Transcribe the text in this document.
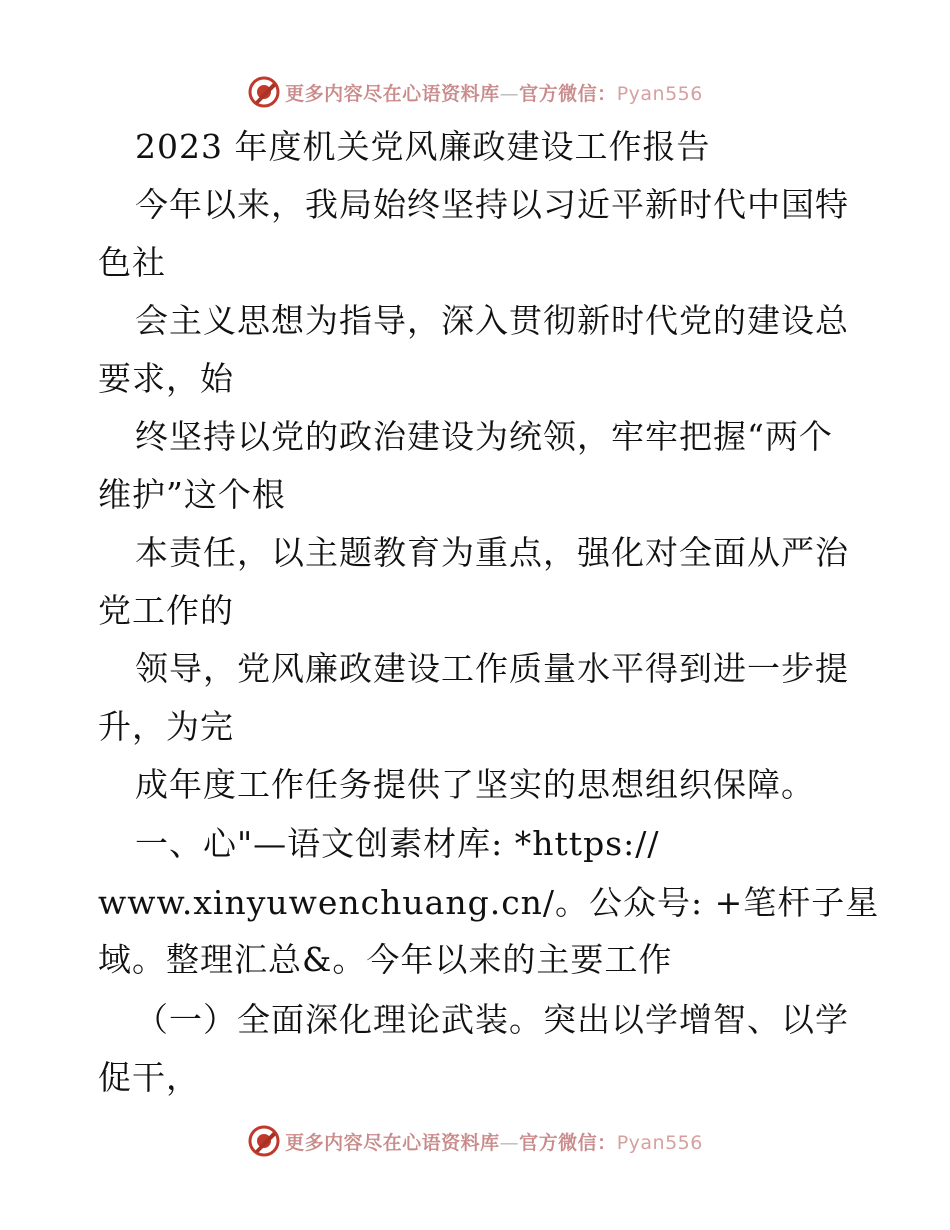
更多内容尽在心语资料库—官方微信：Pyan556
2023 年度机关党风廉政建设工作报告
今年以来，我局始终坚持以习近平新时代中国特
色社
会主义思想为指导，深入贯彻新时代党的建设总
要求，始
终坚持以党的政治建设为统领，牢牢把握“两个
维护”这个根
本责任，以主题教育为重点，强化对全面从严治
党工作的
领导，党风廉政建设工作质量水平得到进一步提
升，为完
成年度工作任务提供了坚实的思想组织保障。
一、心"—语文创素材库: *https://
www.xinyuwenchuang.cn/。公众号: +笔杆子星
域。整理汇总&。今年以来的主要工作
（一）全面深化理论武装。突出以学增智、以学
促干，
更多内容尽在心语资料库—官方微信：Pyan556
